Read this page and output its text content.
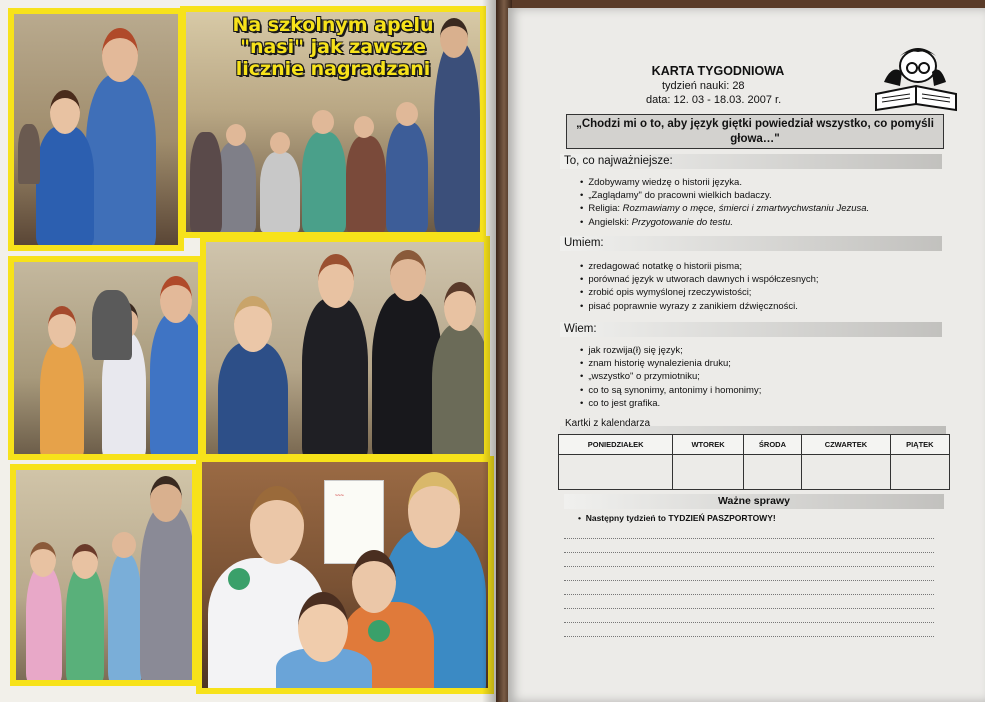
Na szkolnym apelu
"nasi" jak zawsze
licznie nagradzani
~~~
KARTA TYGODNIOWA
tydzień nauki: 28
data: 12. 03 - 18.03. 2007 r.
„Chodzi mi o to, aby język giętki powiedział wszystko, co pomyśli głowa…"
To, co najważniejsze:
• Zdobywamy wiedzę o historii języka.
• „Zaglądamy" do pracowni wielkich badaczy.
• Religia: Rozmawiamy o męce, śmierci i zmartwychwstaniu Jezusa.
• Angielski: Przygotowanie do testu.
Umiem:
• zredagować notatkę o historii pisma;
• porównać język w utworach dawnych i współczesnych;
• zrobić opis wymyślonej rzeczywistości;
• pisać poprawnie wyrazy z zanikiem dźwięczności.
Wiem:
• jak rozwija(ł) się język;
• znam historię wynalezienia druku;
• „wszystko" o przymiotniku;
• co to są synonimy, antonimy i homonimy;
• co to jest grafika.
Kartki z kalendarza
PONIEDZIAŁEK	WTOREK	ŚRODA	CZWARTEK	PIĄTEK

Ważne sprawy
•  Następny tydzień to TYDZIEŃ PASZPORTOWY!
